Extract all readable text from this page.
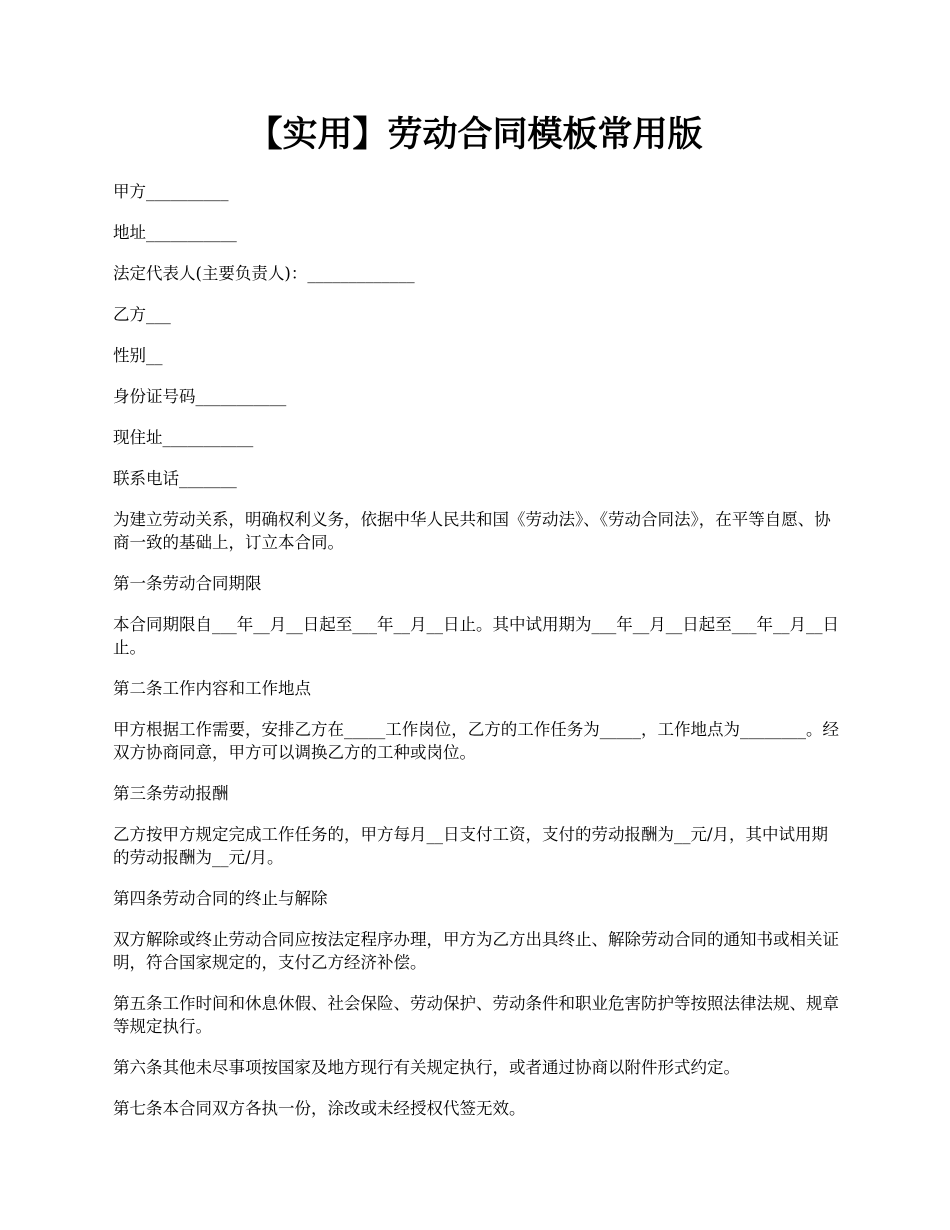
【实用】劳动合同模板常用版

甲方__________

地址___________

法定代表人(主要负责人)：_____________

乙方___

性别__

身份证号码___________

现住址___________

联系电话_______

为建立劳动关系，明确权利义务，依据中华人民共和国《劳动法》、《劳动合同法》，在平等自愿、协商一致的基础上，订立本合同。

第一条劳动合同期限

本合同期限自___年__月__日起至___年__月__日止。其中试用期为___年__月__日起至___年__月__日止。

第二条工作内容和工作地点

甲方根据工作需要，安排乙方在_____工作岗位，乙方的工作任务为_____，工作地点为________。经双方协商同意，甲方可以调换乙方的工种或岗位。

第三条劳动报酬

乙方按甲方规定完成工作任务的，甲方每月__日支付工资，支付的劳动报酬为__元/月，其中试用期的劳动报酬为__元/月。

第四条劳动合同的终止与解除

双方解除或终止劳动合同应按法定程序办理，甲方为乙方出具终止、解除劳动合同的通知书或相关证明，符合国家规定的，支付乙方经济补偿。

第五条工作时间和休息休假、社会保险、劳动保护、劳动条件和职业危害防护等按照法律法规、规章等规定执行。

第六条其他未尽事项按国家及地方现行有关规定执行，或者通过协商以附件形式约定。

第七条本合同双方各执一份，涂改或未经授权代签无效。
